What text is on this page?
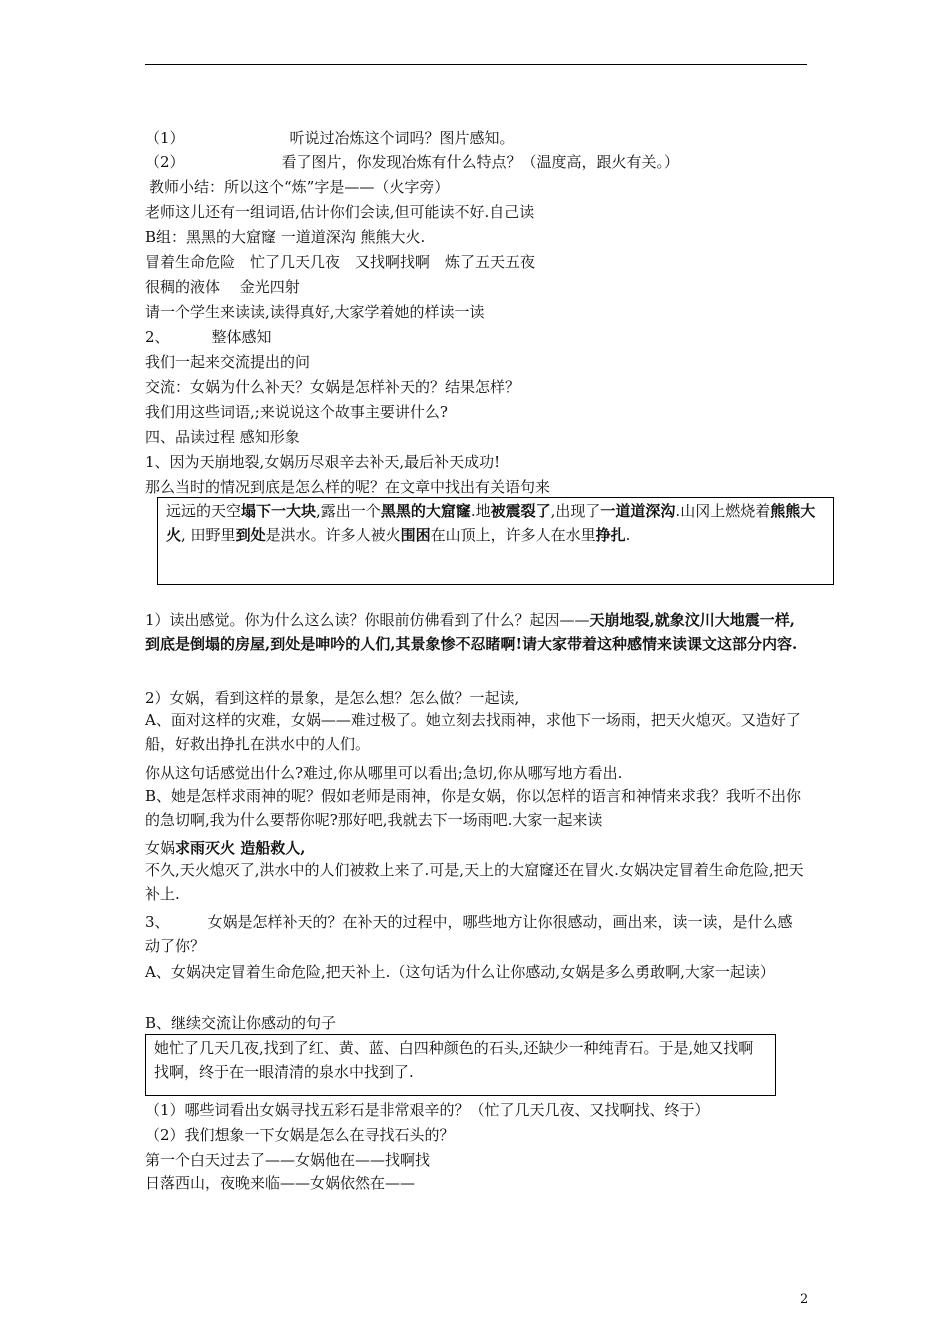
（1）	听说过冶炼这个词吗？图片感知。
（2）	看了图片，你发现冶炼有什么特点？（温度高，跟火有关。）
教师小结：所以这个“炼”字是——（火字旁）
老师这儿还有一组词语,估计你们会读,但可能读不好.自己读
B组：黑黑的大窟窿 一道道深沟 熊熊大火.
冒着生命危险　忙了几天几夜　又找啊找啊　炼了五天五夜
很稠的液体　 金光四射
请一个学生来读读,读得真好,大家学着她的样读一读
2、	整体感知
我们一起来交流提出的问
交流：女娲为什么补天？女娲是怎样补天的？结果怎样？
我们用这些词语,;来说说这个故事主要讲什么?
四、品读过程 感知形象
1、因为天崩地裂,女娲历尽艰辛去补天,最后补天成功!
那么当时的情况到底是怎么样的呢？在文章中找出有关语句来
远远的天空塌下一大块,露出一个黑黑的大窟窿.地被震裂了,出现了一道道深沟.山冈上燃烧着熊熊大火, 田野里到处是洪水。许多人被火围困在山顶上，许多人在水里挣扎.
1）读出感觉。你为什么这么读？你眼前仿佛看到了什么？起因——天崩地裂,就象汶川大地震一样,到底是倒塌的房屋,到处是呻吟的人们,其景象惨不忍睹啊!请大家带着这种感情来读课文这部分内容.
2）女娲，看到这样的景象，是怎么想？怎么做？一起读,
A、面对这样的灾难，女娲——难过极了。她立刻去找雨神，求他下一场雨，把天火熄灭。又造好了船，好救出挣扎在洪水中的人们。
你从这句话感觉出什么?难过,你从哪里可以看出;急切,你从哪写地方看出.
B、她是怎样求雨神的呢？假如老师是雨神，你是女娲，你以怎样的语言和神情来求我？我听不出你的急切啊,我为什么要帮你呢?那好吧,我就去下一场雨吧.大家一起来读
女娲求雨灭火 造船救人,
不久,天火熄灭了,洪水中的人们被救上来了.可是,天上的大窟窿还在冒火.女娲决定冒着生命危险,把天补上.
3、	女娲是怎样补天的？在补天的过程中，哪些地方让你很感动，画出来，读一读，是什么感动了你？
A、女娲决定冒着生命危险,把天补上.（这句话为什么让你感动,女娲是多么勇敢啊,大家一起读）
B、继续交流让你感动的句子
她忙了几天几夜,找到了红、黄、蓝、白四种颜色的石头,还缺少一种纯青石。于是,她又找啊找啊，终于在一眼清清的泉水中找到了.
（1）哪些词看出女娲寻找五彩石是非常艰辛的？（忙了几天几夜、又找啊找、终于）
（2）我们想象一下女娲是怎么在寻找石头的？
第一个白天过去了——女娲他在——找啊找
日落西山，夜晚来临——女娲依然在——
2
